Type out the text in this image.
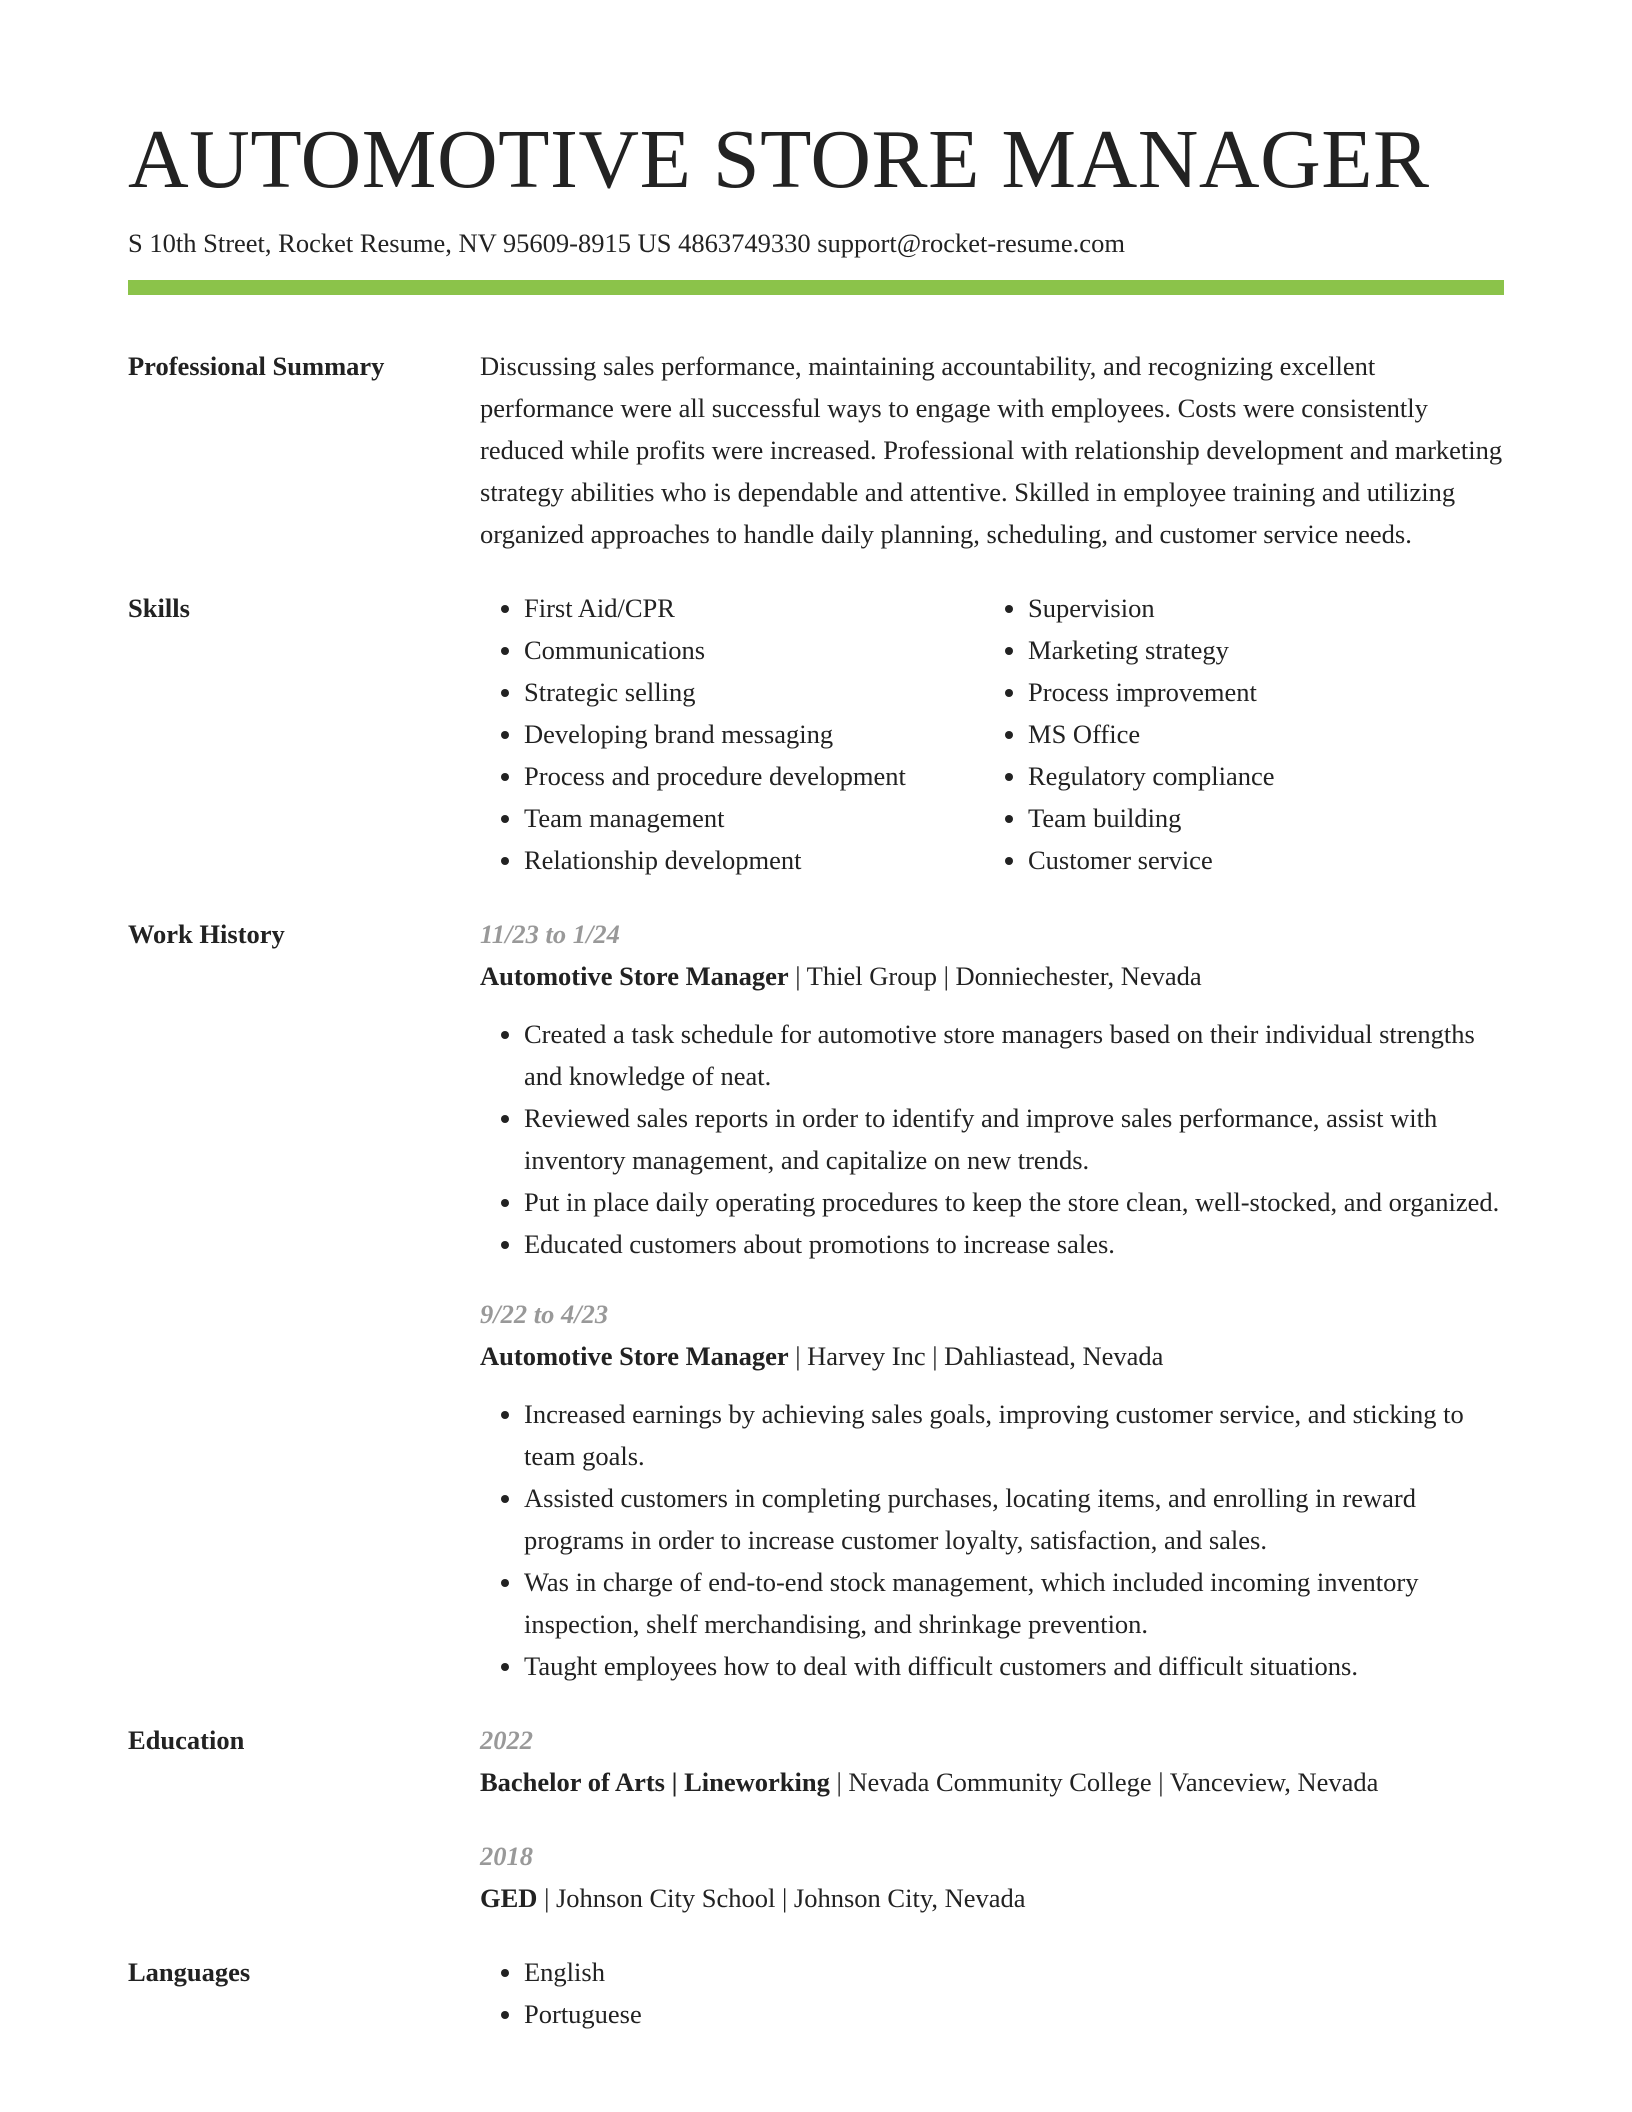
AUTOMOTIVE STORE MANAGER
S 10th Street, Rocket Resume, NV 95609-8915 US 4863749330 support@rocket-resume.com
Professional Summary	Discussing sales performance, maintaining accountability, and recognizing excellent performance were all successful ways to engage with employees. Costs were consistently reduced while profits were increased. Professional with relationship development and marketing strategy abilities who is dependable and attentive. Skilled in employee training and utilizing organized approaches to handle daily planning, scheduling, and customer service needs.

Skills	• First Aid/CPR
• Communications
• Strategic selling
• Developing brand messaging
• Process and procedure development
• Team management
• Relationship development
• Supervision
• Marketing strategy
• Process improvement
• MS Office
• Regulatory compliance
• Team building
• Customer service
Work History	11/23 to 1/24
Automotive Store Manager | Thiel Group | Donniechester, Nevada
• Created a task schedule for automotive store managers based on their individual strengths and knowledge of neat.
• Reviewed sales reports in order to identify and improve sales performance, assist with inventory management, and capitalize on new trends.
• Put in place daily operating procedures to keep the store clean, well-stocked, and organized.
• Educated customers about promotions to increase sales.
9/22 to 4/23
Automotive Store Manager | Harvey Inc | Dahliastead, Nevada
• Increased earnings by achieving sales goals, improving customer service, and sticking to team goals.
• Assisted customers in completing purchases, locating items, and enrolling in reward programs in order to increase customer loyalty, satisfaction, and sales.
• Was in charge of end-to-end stock management, which included incoming inventory inspection, shelf merchandising, and shrinkage prevention.
• Taught employees how to deal with difficult customers and difficult situations.
Education	2022
Bachelor of Arts | Lineworking | Nevada Community College | Vanceview, Nevada
2018
GED | Johnson City School | Johnson City, Nevada
Languages	• English
• Portuguese
